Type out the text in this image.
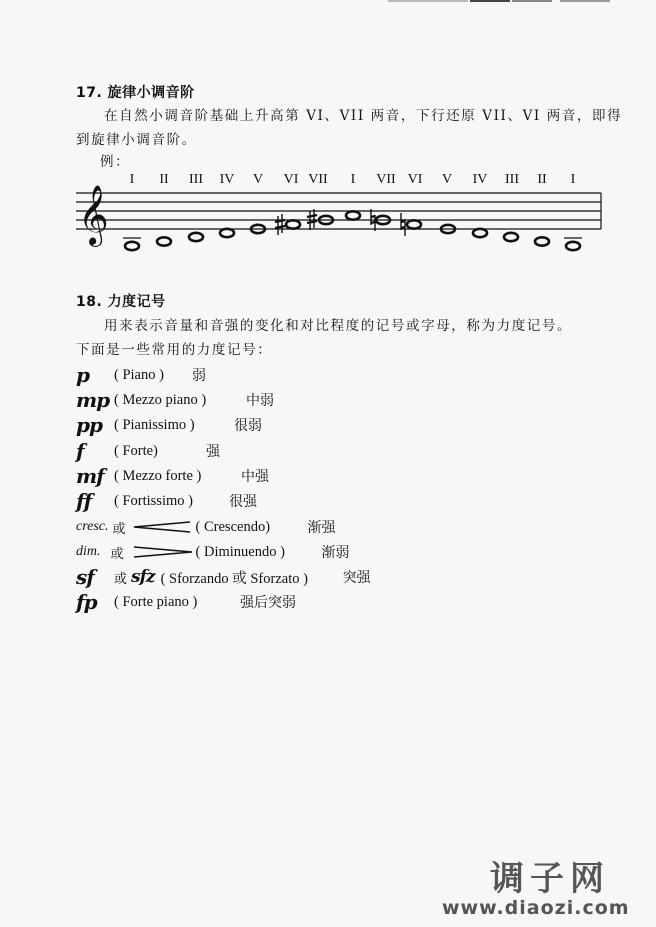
17. 旋律小调音阶
在自然小调音阶基础上升高第 VI、VII 两音，下行还原 VII、VI 两音，即得
到旋律小调音阶。
例：
I II III IV V VI VII I VII VI V IV III II I
𝄞
18. 力度记号
用来表示音量和音强的变化和对比程度的记号或字母，称为力度记号。
下面是一些常用的力度记号：
p	( Piano )	弱
mp ( Mezzo piano )	中弱
pp ( Pianissimo )	很弱
f	( Forte)	强
mf ( Mezzo forte )	中强
ff	( Fortissimo )	很强
cresc. 或	( Crescendo)	渐强
dim. 或	( Diminuendo )	渐弱
sf	或 sfz ( Sforzando 或 Sforzato )	突强
fp	( Forte piano )	强后突弱
调子网
www.diaozi.com
